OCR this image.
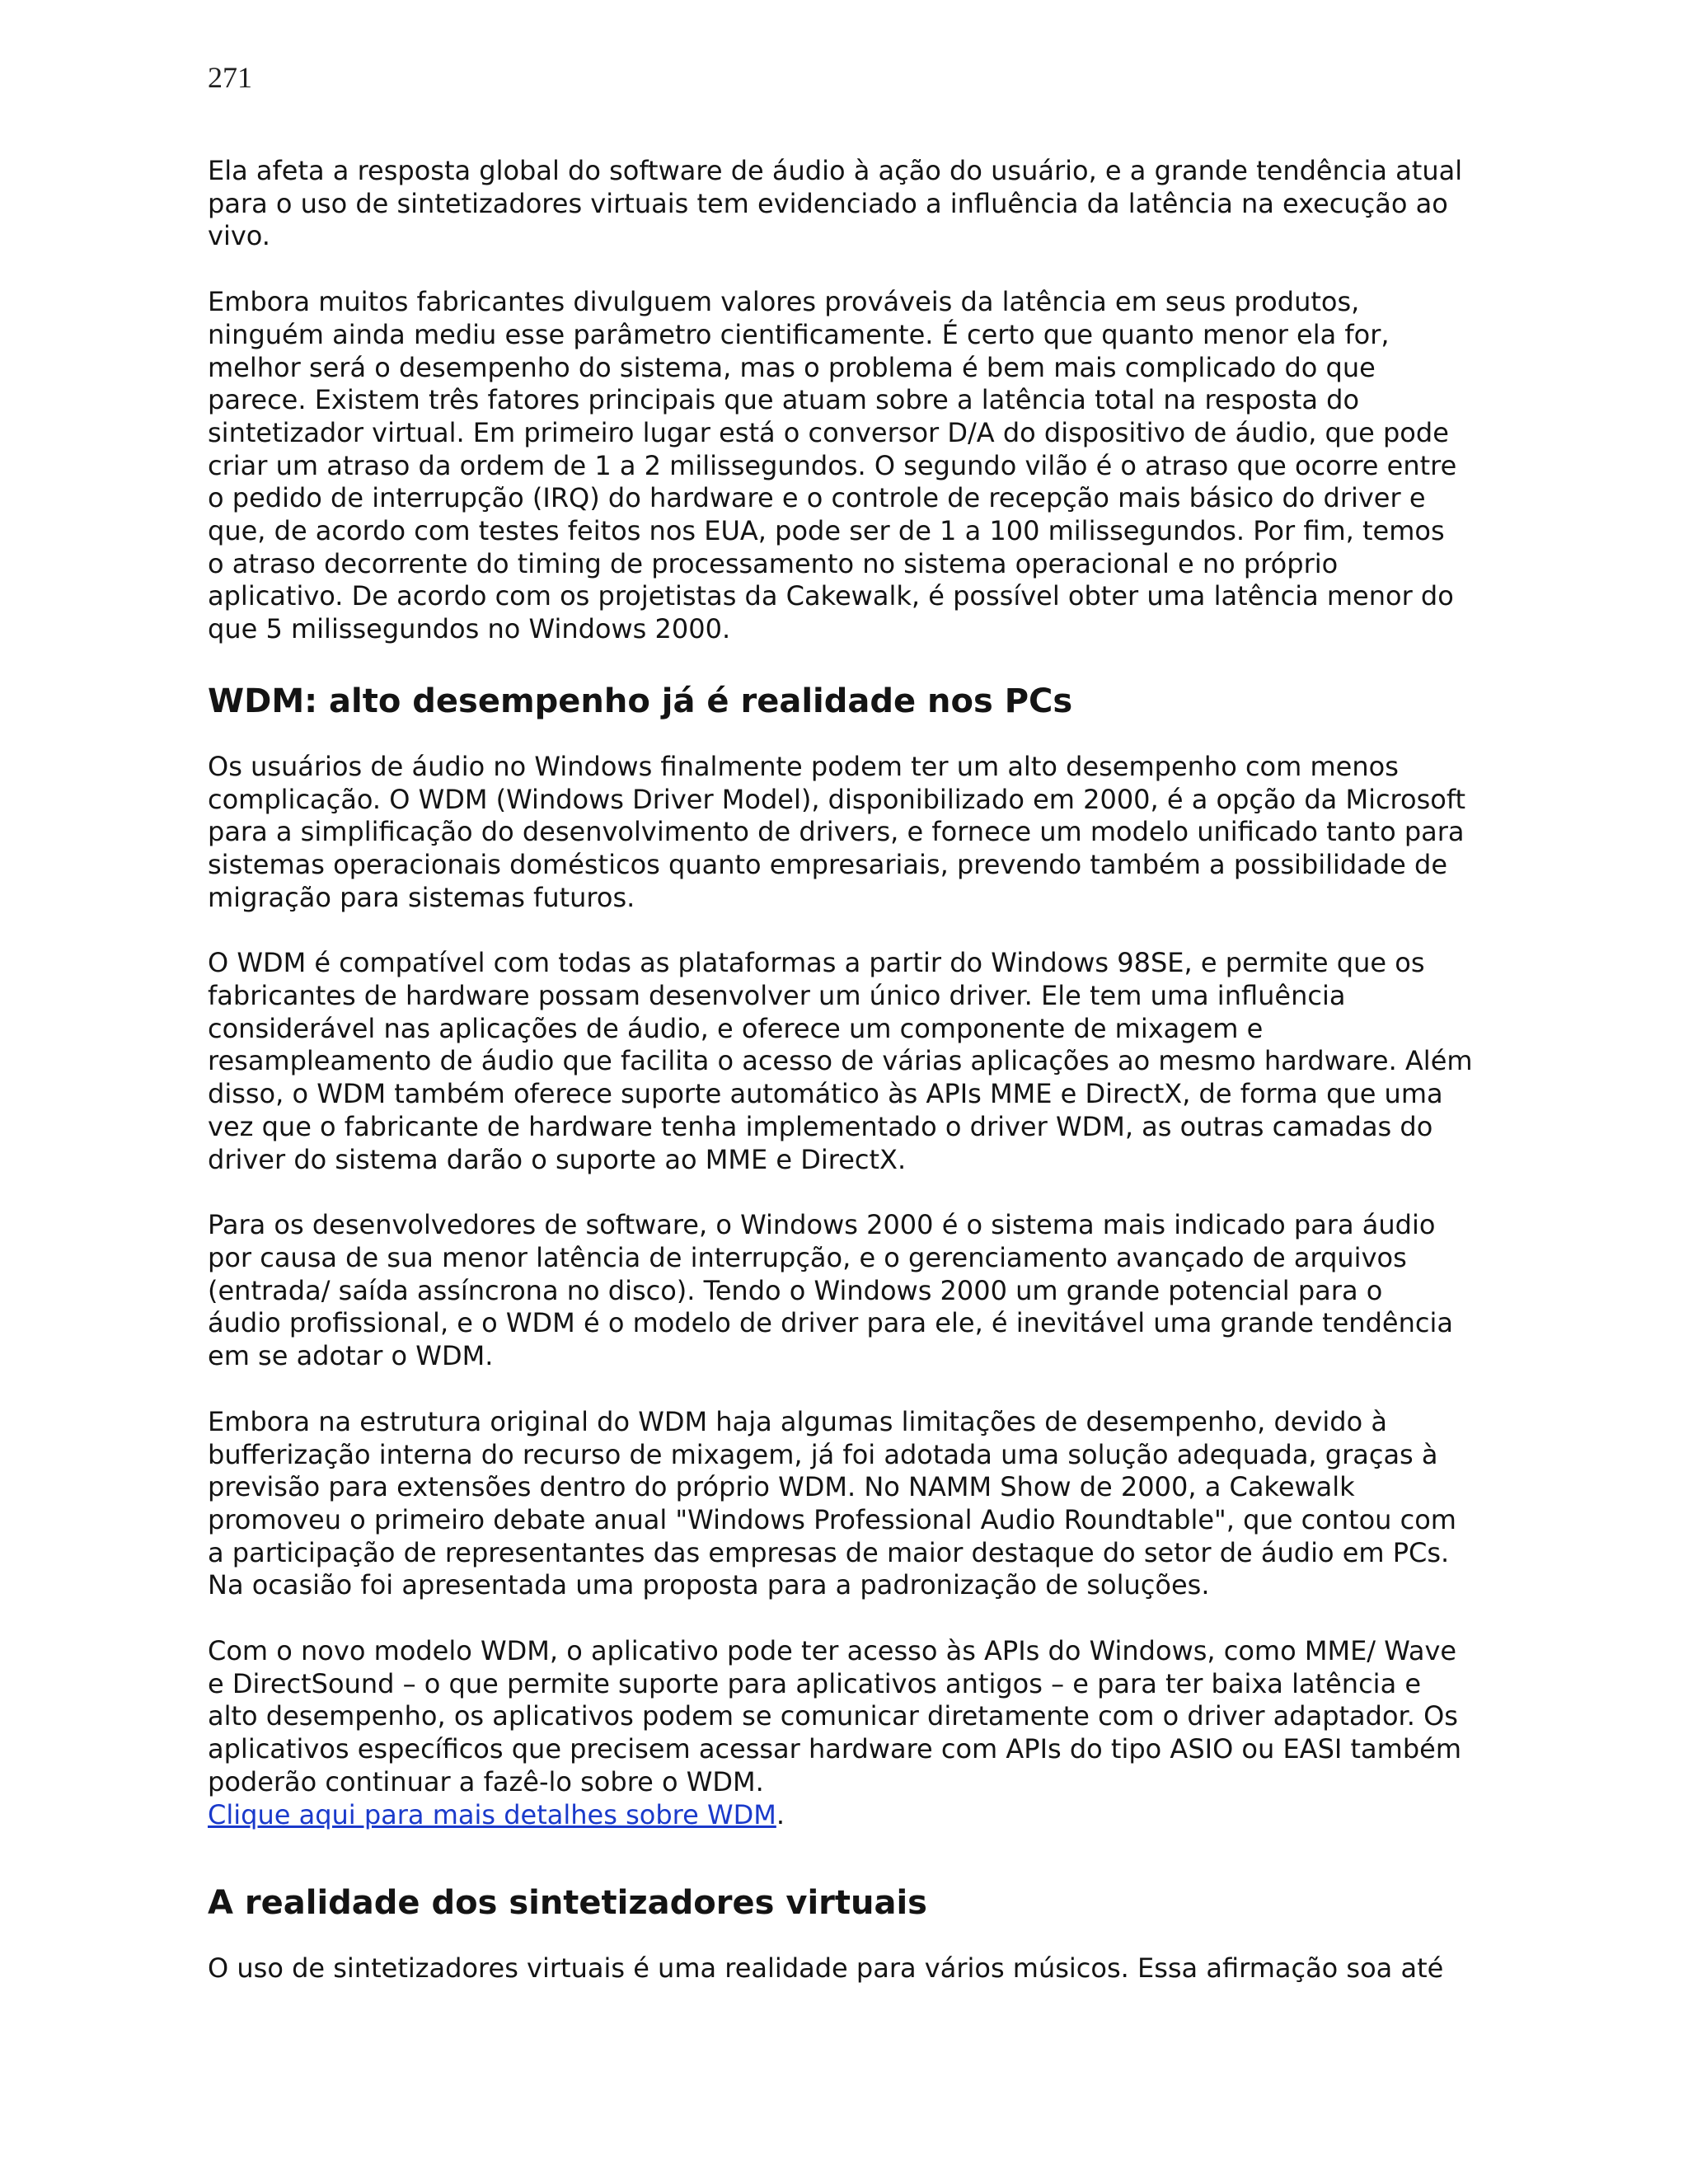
271

Ela afeta a resposta global do software de áudio à ação do usuário, e a grande tendência atual
para o uso de sintetizadores virtuais tem evidenciado a influência da latência na execução ao
vivo.

Embora muitos fabricantes divulguem valores prováveis da latência em seus produtos,
ninguém ainda mediu esse parâmetro cientificamente. É certo que quanto menor ela for,
melhor será o desempenho do sistema, mas o problema é bem mais complicado do que
parece. Existem três fatores principais que atuam sobre a latência total na resposta do
sintetizador virtual. Em primeiro lugar está o conversor D/A do dispositivo de áudio, que pode
criar um atraso da ordem de 1 a 2 milissegundos. O segundo vilão é o atraso que ocorre entre
o pedido de interrupção (IRQ) do hardware e o controle de recepção mais básico do driver e
que, de acordo com testes feitos nos EUA, pode ser de 1 a 100 milissegundos. Por fim, temos
o atraso decorrente do timing de processamento no sistema operacional e no próprio
aplicativo. De acordo com os projetistas da Cakewalk, é possível obter uma latência menor do
que 5 milissegundos no Windows 2000.

WDM: alto desempenho já é realidade nos PCs

Os usuários de áudio no Windows finalmente podem ter um alto desempenho com menos
complicação. O WDM (Windows Driver Model), disponibilizado em 2000, é a opção da Microsoft
para a simplificação do desenvolvimento de drivers, e fornece um modelo unificado tanto para
sistemas operacionais domésticos quanto empresariais, prevendo também a possibilidade de
migração para sistemas futuros.

O WDM é compatível com todas as plataformas a partir do Windows 98SE, e permite que os
fabricantes de hardware possam desenvolver um único driver. Ele tem uma influência
considerável nas aplicações de áudio, e oferece um componente de mixagem e
resampleamento de áudio que facilita o acesso de várias aplicações ao mesmo hardware. Além
disso, o WDM também oferece suporte automático às APIs MME e DirectX, de forma que uma
vez que o fabricante de hardware tenha implementado o driver WDM, as outras camadas do
driver do sistema darão o suporte ao MME e DirectX.

Para os desenvolvedores de software, o Windows 2000 é o sistema mais indicado para áudio
por causa de sua menor latência de interrupção, e o gerenciamento avançado de arquivos
(entrada/ saída assíncrona no disco). Tendo o Windows 2000 um grande potencial para o
áudio profissional, e o WDM é o modelo de driver para ele, é inevitável uma grande tendência
em se adotar o WDM.

Embora na estrutura original do WDM haja algumas limitações de desempenho, devido à
bufferização interna do recurso de mixagem, já foi adotada uma solução adequada, graças à
previsão para extensões dentro do próprio WDM. No NAMM Show de 2000, a Cakewalk
promoveu o primeiro debate anual "Windows Professional Audio Roundtable", que contou com
a participação de representantes das empresas de maior destaque do setor de áudio em PCs.
Na ocasião foi apresentada uma proposta para a padronização de soluções.

Com o novo modelo WDM, o aplicativo pode ter acesso às APIs do Windows, como MME/ Wave
e DirectSound – o que permite suporte para aplicativos antigos – e para ter baixa latência e
alto desempenho, os aplicativos podem se comunicar diretamente com o driver adaptador. Os
aplicativos específicos que precisem acessar hardware com APIs do tipo ASIO ou EASI também
poderão continuar a fazê-lo sobre o WDM.
Clique aqui para mais detalhes sobre WDM.
A realidade dos sintetizadores virtuais

O uso de sintetizadores virtuais é uma realidade para vários músicos. Essa afirmação soa até
